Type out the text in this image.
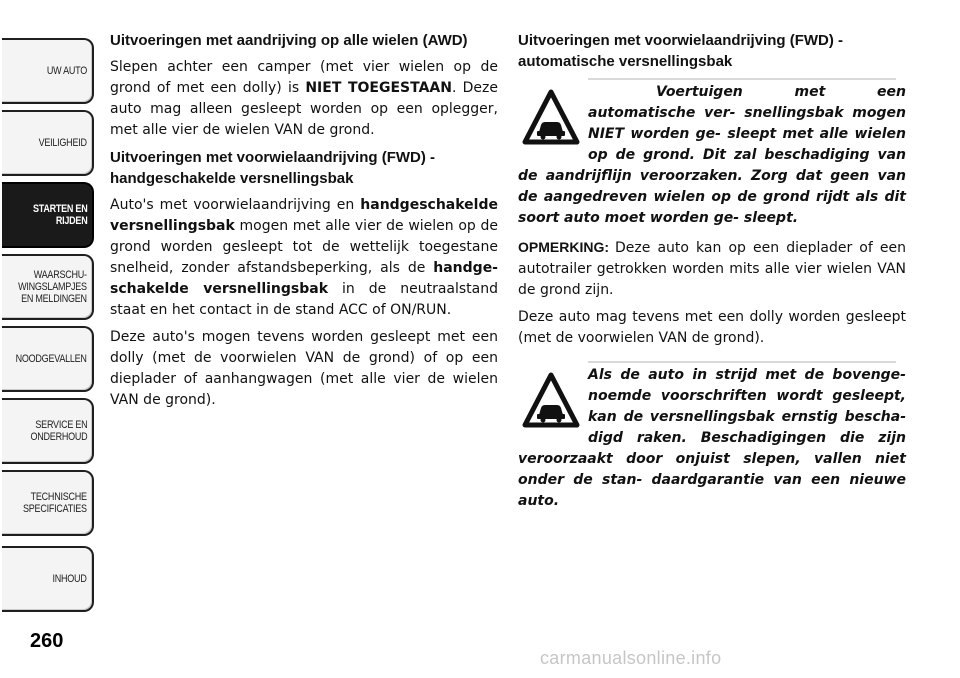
UW AUTO
VEILIGHEID
STARTEN EN
RIJDEN
WAARSCHU-
WINGSLAMPJES
EN MELDINGEN
NOODGEVALLEN
SERVICE EN
ONDERHOUD
TECHNISCHE
SPECIFICATIES
INHOUD
260
carmanualsonline.info
Uitvoeringen met aandrijving op alle wielen (AWD)

Slepen achter een camper (met vier wielen op de grond of met een dolly) is NIET TOEGESTAAN. Deze auto mag alleen gesleept worden op een oplegger, met alle vier de wielen VAN de grond.

Uitvoeringen met voorwielaandrijving (FWD) - handgeschakelde versnellingsbak

Auto's met voorwielaandrijving en handgeschakelde versnellingsbak mogen met alle vier de wielen op de grond worden gesleept tot de wettelijk toegestane snelheid, zonder afstandsbeperking, als de handge- schakelde versnellingsbak in de neutraalstand staat en het contact in de stand ACC of ON/RUN.

Deze auto's mogen tevens worden gesleept met een dolly (met de voorwielen VAN de grond) of op een dieplader of aanhangwagen (met alle vier de wielen VAN de grond).

Uitvoeringen met voorwielaandrijving (FWD) - automatische versnellingsbak
Voertuigen met een automatische ver- snellingsbak mogen NIET worden ge- sleept met alle wielen op de grond. Dit zal beschadiging van de aandrijflijn veroorzaken. Zorg dat geen van de aangedreven wielen op de grond rijdt als dit soort auto moet worden ge- sleept.

OPMERKING: Deze auto kan op een dieplader of een autotrailer getrokken worden mits alle vier wielen VAN de grond zijn.

Deze auto mag tevens met een dolly worden gesleept (met de voorwielen VAN de grond).

Als de auto in strijd met de bovenge- noemde voorschriften wordt gesleept, kan de versnellingsbak ernstig bescha- digd raken. Beschadigingen die zijn veroorzaakt door onjuist slepen, vallen niet onder de stan- daardgarantie van een nieuwe auto.
